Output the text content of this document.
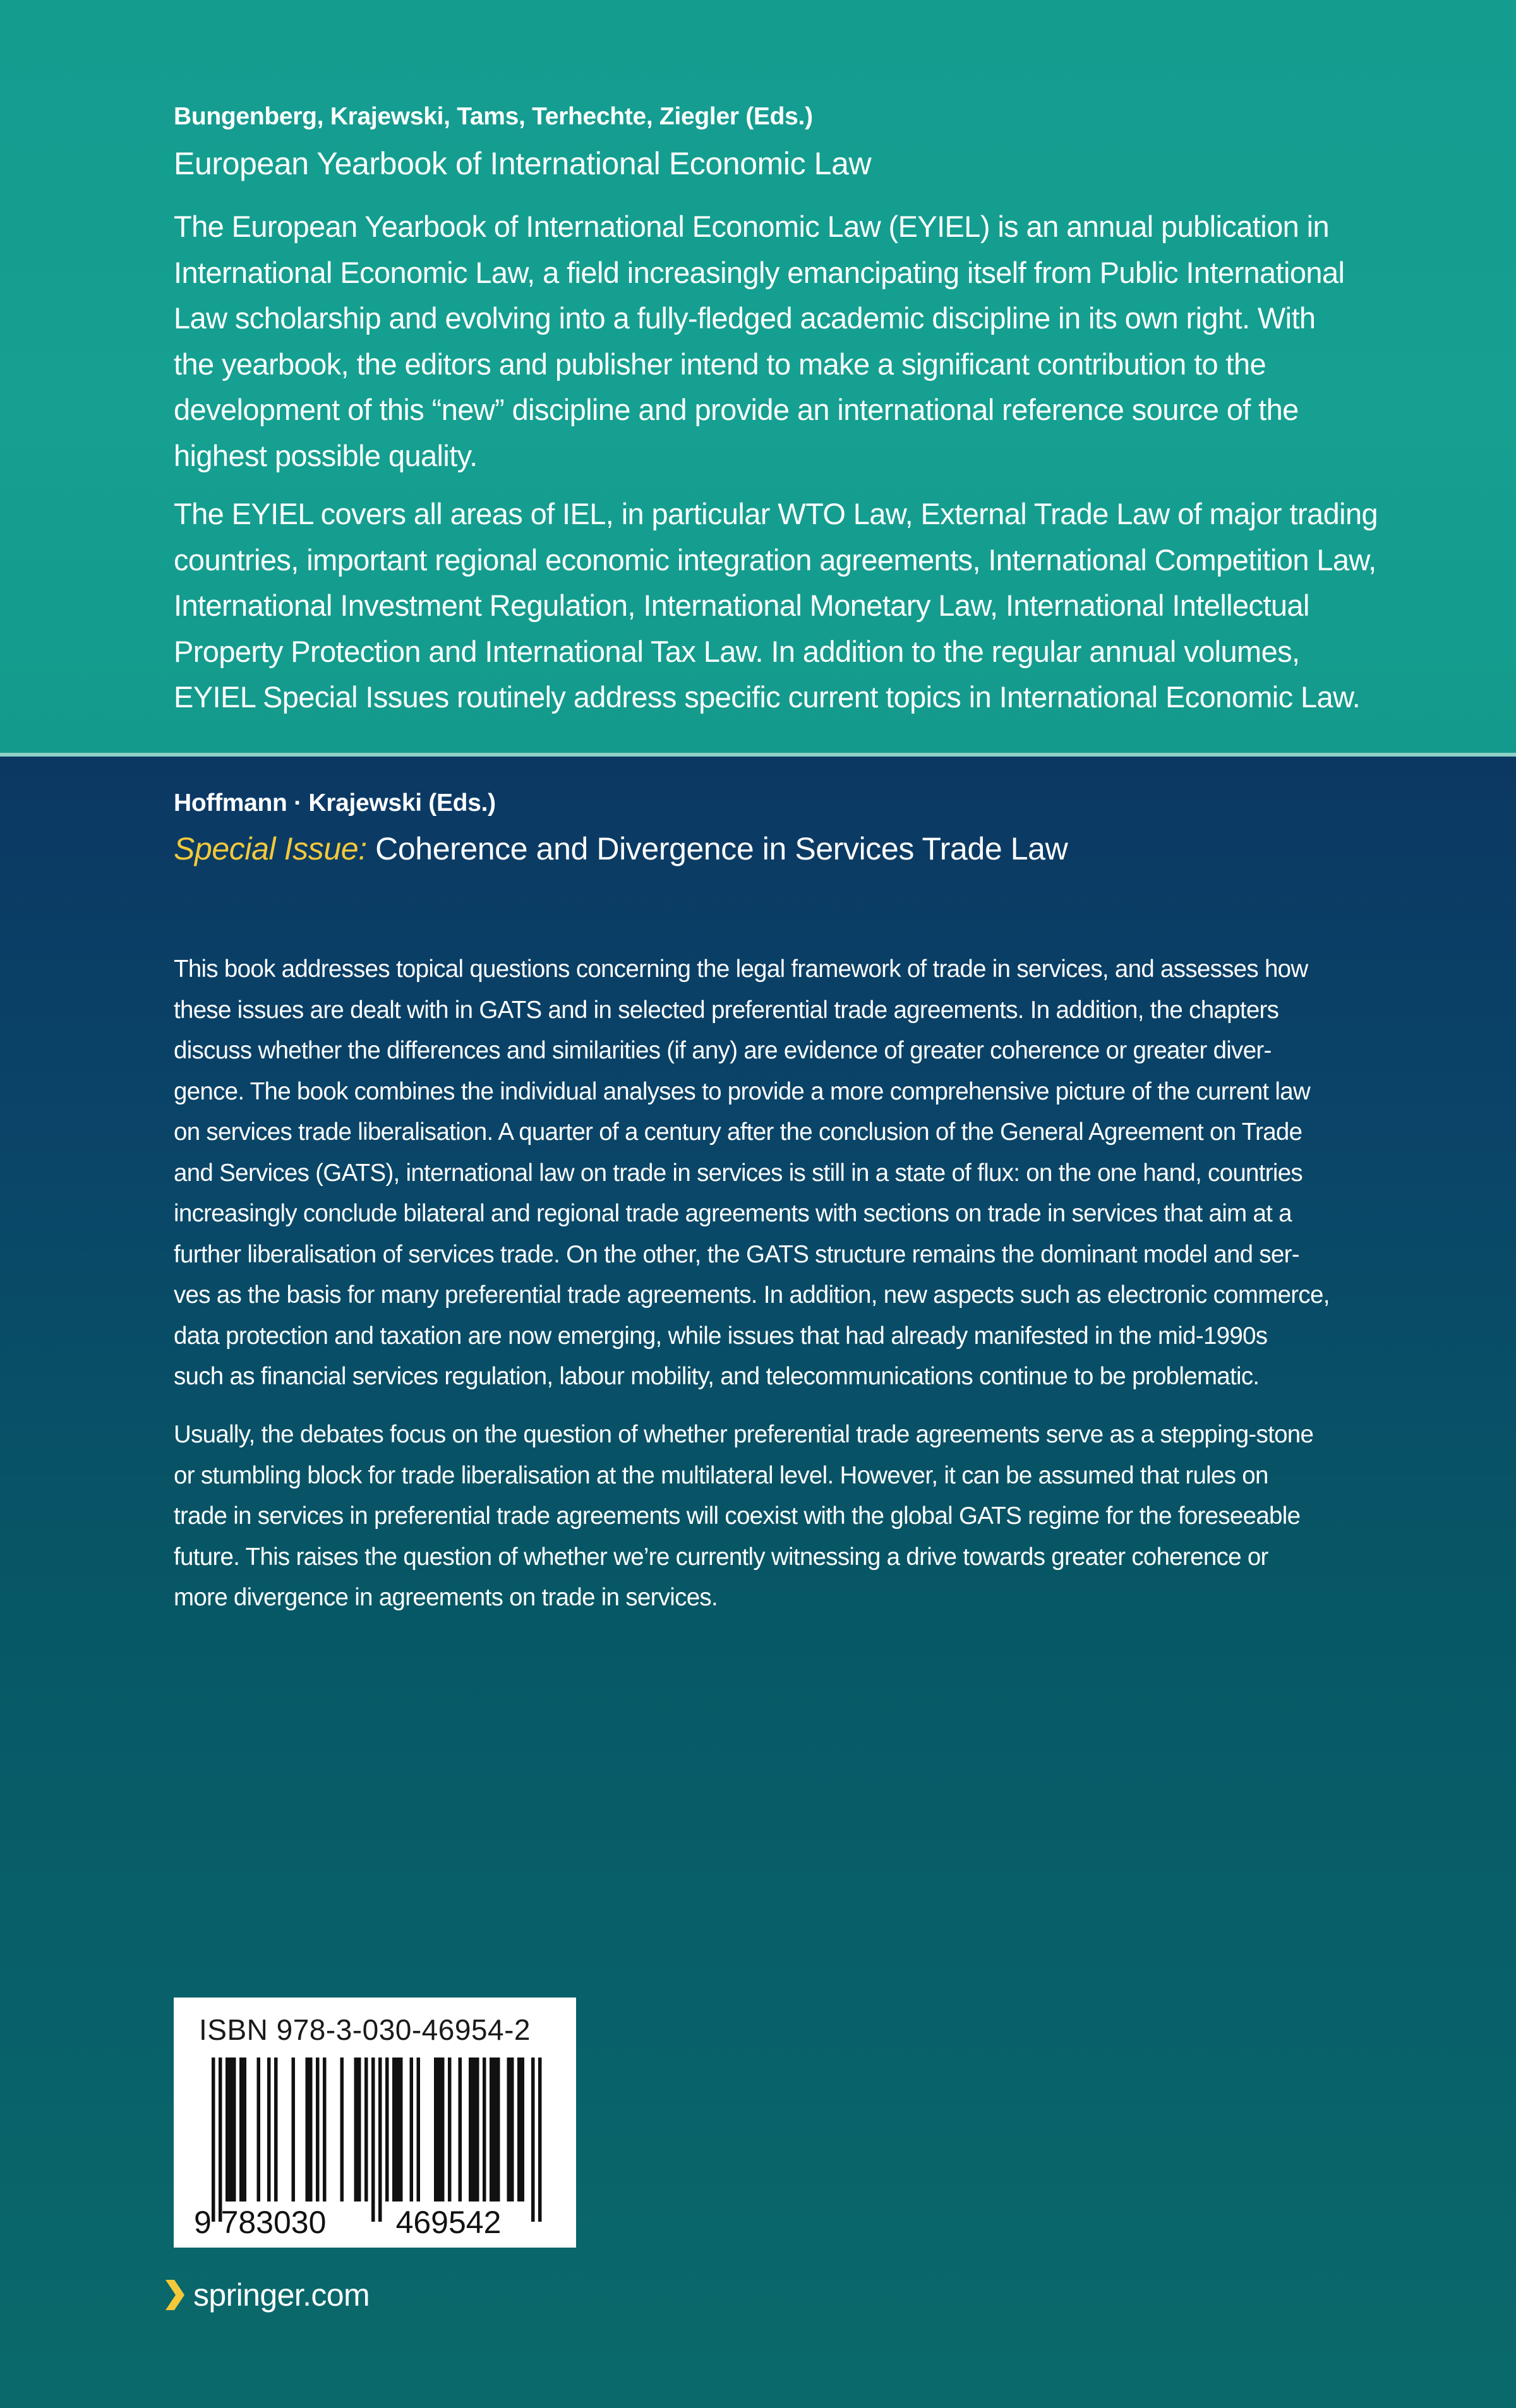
Bungenberg, Krajewski, Tams, Terhechte, Ziegler (Eds.)
European Yearbook of International Economic Law

The European Yearbook of International Economic Law (EYIEL) is an annual publication in
International Economic Law, a field increasingly emancipating itself from Public International
Law scholarship and evolving into a fully-fledged academic discipline in its own right. With
the yearbook, the editors and publisher intend to make a significant contribution to the
development of this “new” discipline and provide an international reference source of the
highest possible quality.

The EYIEL covers all areas of IEL, in particular WTO Law, External Trade Law of major trading
countries, important regional economic integration agreements, International Competition Law,
International Investment Regulation, International Monetary Law, International Intellectual
Property Protection and International Tax Law. In addition to the regular annual volumes,
EYIEL Special Issues routinely address specific current topics in International Economic Law.

Hoffmann · Krajewski (Eds.)
Special Issue: Coherence and Divergence in Services Trade Law

This book addresses topical questions concerning the legal framework of trade in services, and assesses how
these issues are dealt with in GATS and in selected preferential trade agreements. In addition, the chapters
discuss whether the differences and similarities (if any) are evidence of greater coherence or greater diver-
gence. The book combines the individual analyses to provide a more comprehensive picture of the current law
on services trade liberalisation. A quarter of a century after the conclusion of the General Agreement on Trade
and Services (GATS), international law on trade in services is still in a state of flux: on the one hand, countries
increasingly conclude bilateral and regional trade agreements with sections on trade in services that aim at a
further liberalisation of services trade. On the other, the GATS structure remains the dominant model and ser-
ves as the basis for many preferential trade agreements. In addition, new aspects such as electronic commerce,
data protection and taxation are now emerging, while issues that had already manifested in the mid-1990s
such as financial services regulation, labour mobility, and telecommunications continue to be problematic.

Usually, the debates focus on the question of whether preferential trade agreements serve as a stepping-stone
or stumbling block for trade liberalisation at the multilateral level. However, it can be assumed that rules on
trade in services in preferential trade agreements will coexist with the global GATS regime for the foreseeable
future. This raises the question of whether we’re currently witnessing a drive towards greater coherence or
more divergence in agreements on trade in services.

ISBN 978-3-030-46954-2
9 783030 469542
springer.com
